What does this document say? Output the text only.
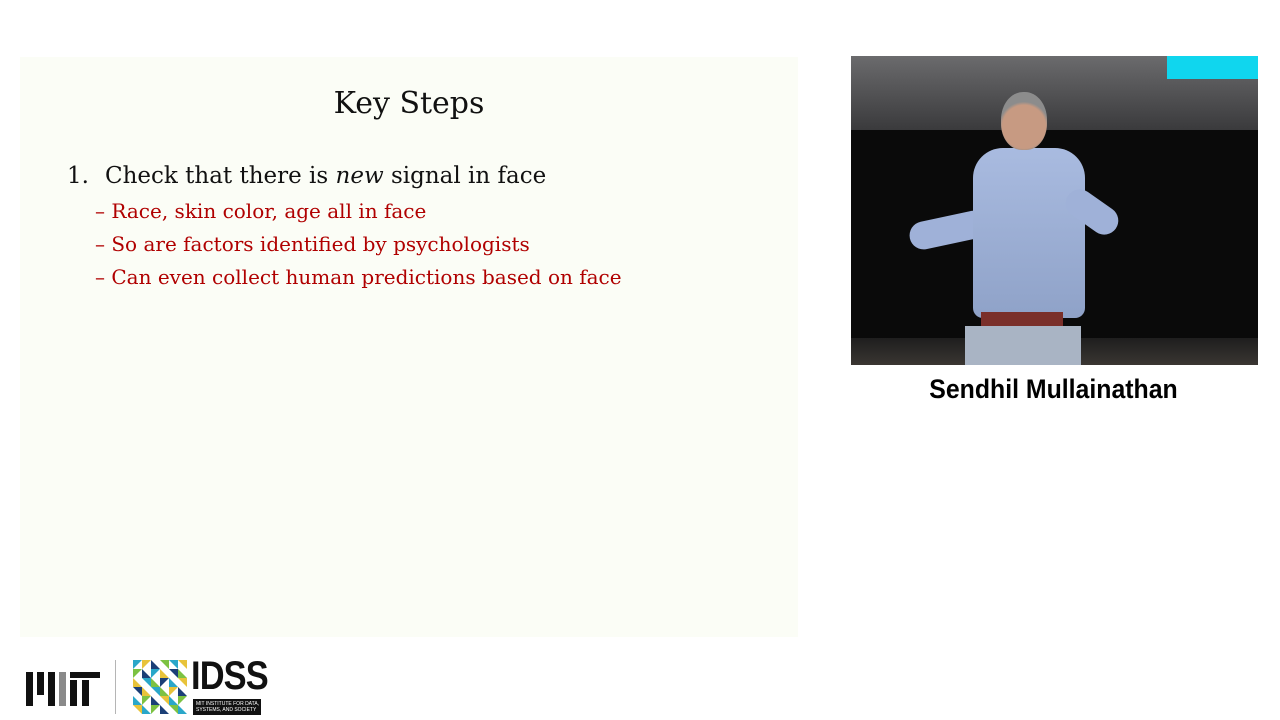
Key Steps
1. Check that there is new signal in face
– Race, skin color, age all in face
– So are factors identified by psychologists
– Can even collect human predictions based on face
Sendhil Mullainathan
IDSS
MIT INSTITUTE FOR DATA, SYSTEMS, AND SOCIETY
